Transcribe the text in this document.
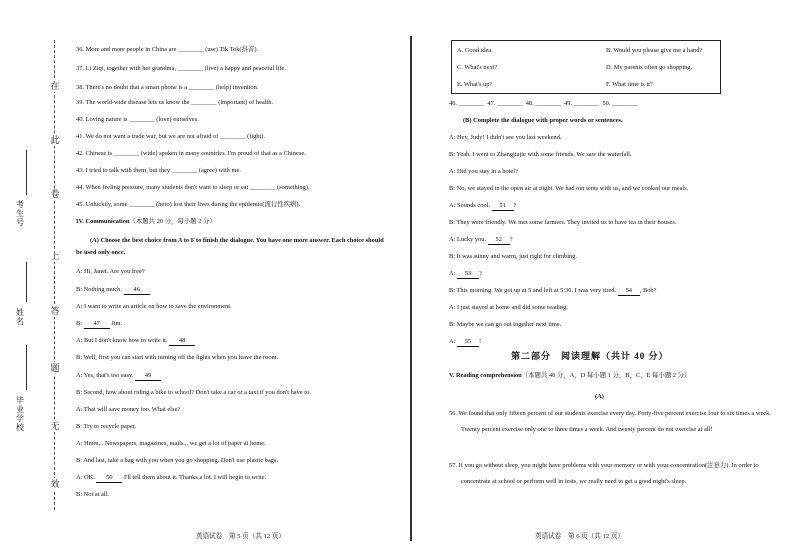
在
此
卷
上
答
题
无
效
考生号
姓名
毕业学校
36. More and more people in China are ________ (use) Tik Tok(抖音).
37. Li Ziqi, together with her grandma, ________ (live) a happy and peaceful life.
38. There's no doubt that a smart phone is a ________ (help) invention.
39. The world-wide disease lets us know the ________ (important) of health.
40. Loving nature is ________ (love) ourselves.
41. We do not want a trade war, but we are not afraid of ________ (fight).
42. Chinese is ________ (wide) spoken in many countries. I'm proud of that as a Chinese.
43. I tried to talk with them, but they ________ (agree) with me.
44. When feeling pressure, many students don't want to sleep or eat ________ (something).
45. Unluckily, some ________ (hero) lost their lives during the epidemic(流行性疾病).
IV. Communication（本题共 20 分，每小题 2 分）
(A) Choose the best choice from A to F to finish the dialogue. You have one more answer. Each choice should be used only once.
A: Hi, Janet. Are you free?
B: Nothing much. 46
A: I want to write an article on how to save the environment.
B: 47 Jim.
A: But I don't know how to write it. 48
B: Well, first you can start with turning off the lights when you leave the room.
A: Yes, that's too easy. 49
B: Second, how about riding a bike to school? Don't take a car or a taxi if you don't have to.
A: That will save money too. What else?
B: Try to recycle paper.
A: Hmm... Newspapers, magazines, mails... we get a lot of paper at home.
B: And last, take a bag with you when you go shopping. Don't use plastic bags.
A: OK. 50 I'll tell them about it. Thanks a lot. I will begin to write.
B: Not at all.
英语试卷　第 5 页（共 12 页）
A. Good idea.	B. Would you please give me a hand?
C. What's next?	D. My parents often go shopping.
E. What's up?	F. What time is it?
46. ________ 47. ________ 48. ________ 49. ________ 50. ________
(B) Complete the dialogue with proper words or sentences.
A: Hey, Judy! I didn't see you last weekend.
B: Yeah. I went to Zhangjiajie with some friends. We saw the waterfall.
A: Did you stay in a hotel?
B: No, we stayed in the open air at night. We had our tents with us, and we cooked our meals.
A: Sounds cool. 51 ?
B: They were friendly. We met some farmers. They invited us to have tea in their houses.
A: Lucky you. 52 ?
B: It was sunny and warm, just right for climbing.
A: 53 ?
B: This morning. We got up at 5 and left at 5:30. I was very tired. 54 , Bob?
A: I just stayed at home and did some reading.
B: Maybe we can go out together next time.
A: 55 !
第二部分　阅读理解（共计 40 分）
V. Reading comprehension（本题共 40 分，A，D 每小题 1 分，B，C，E 每小题 2 分）
(A)
56. We found that only fifteen percent of our students exercise every day. Forty-five percent exercise four to six times a week. Twenty percent exercise only one to three times a week. And twenty percent do not exercise at all!
57. If you go without sleep, you might have problems with your memory or with your concentration(注意力). In order to concentrate at school or perform well in tests, we really need to get a good night's sleep.
英语试卷　第 6 页（共 12 页）
